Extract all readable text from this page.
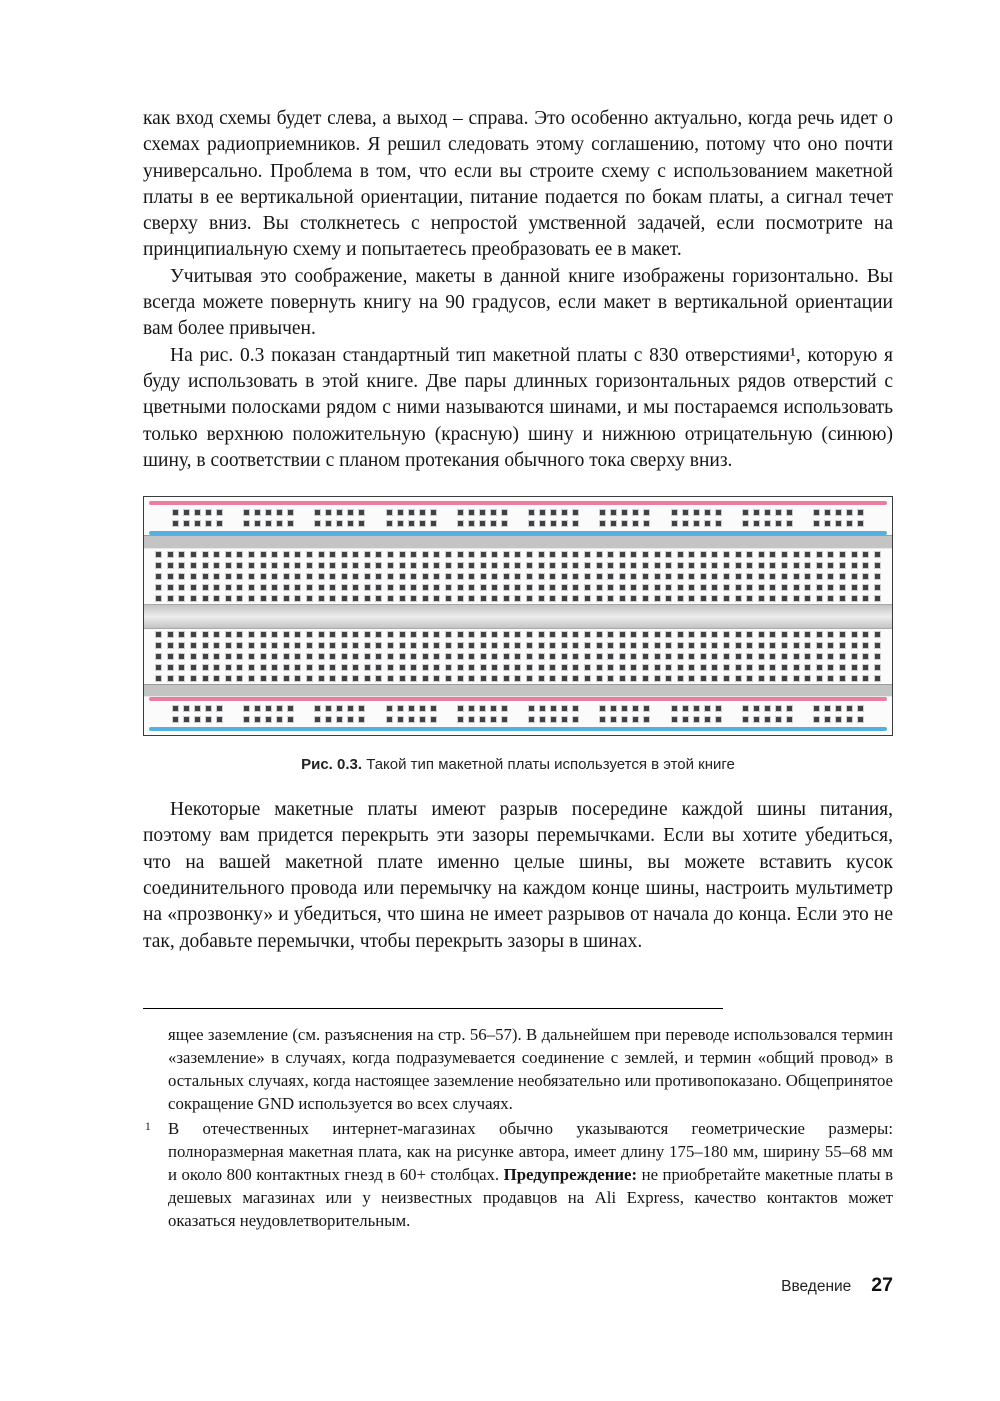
как вход схемы будет слева, а выход – справа. Это особенно актуально, когда речь идет о схемах радиоприемников. Я решил следовать этому соглашению, потому что оно почти универсально. Проблема в том, что если вы строите схему с использованием макетной платы в ее вертикальной ориентации, питание подается по бокам платы, а сигнал течет сверху вниз. Вы столкнетесь с непростой умственной задачей, если посмотрите на принципиальную схему и попытаетесь преобразовать ее в макет.

Учитывая это соображение, макеты в данной книге изображены горизонтально. Вы всегда можете повернуть книгу на 90 градусов, если макет в вертикальной ориентации вам более привычен.

На рис. 0.3 показан стандартный тип макетной платы с 830 отверстиями¹, которую я буду использовать в этой книге. Две пары длинных горизонтальных рядов отверстий с цветными полосками рядом с ними называются шинами, и мы постараемся использовать только верхнюю положительную (красную) шину и нижнюю отрицательную (синюю) шину, в соответствии с планом протекания обычного тока сверху вниз.

Рис. 0.3. Такой тип макетной платы используется в этой книге

Некоторые макетные платы имеют разрыв посередине каждой шины питания, поэтому вам придется перекрыть эти зазоры перемычками. Если вы хотите убедиться, что на вашей макетной плате именно целые шины, вы можете вставить кусок соединительного провода или перемычку на каждом конце шины, настроить мультиметр на «прозвонку» и убедиться, что шина не имеет разрывов от начала до конца. Если это не так, добавьте перемычки, чтобы перекрыть зазоры в шинах.

ящее заземление (см. разъяснения на стр. 56–57). В дальнейшем при переводе использовался термин «заземление» в случаях, когда подразумевается соединение с землей, и термин «общий провод» в остальных случаях, когда настоящее заземление необязательно или противопоказано. Общепринятое сокращение GND используется во всех случаях.

1 В отечественных интернет-магазинах обычно указываются геометрические размеры: полноразмерная макетная плата, как на рисунке автора, имеет длину 175–180 мм, ширину 55–68 мм и около 800 контактных гнезд в 60+ столбцах. Предупреждение: не приобретайте макетные платы в дешевых магазинах или у неизвестных продавцов на Ali Express, качество контактов может оказаться неудовлетворительным.

Введение 27
